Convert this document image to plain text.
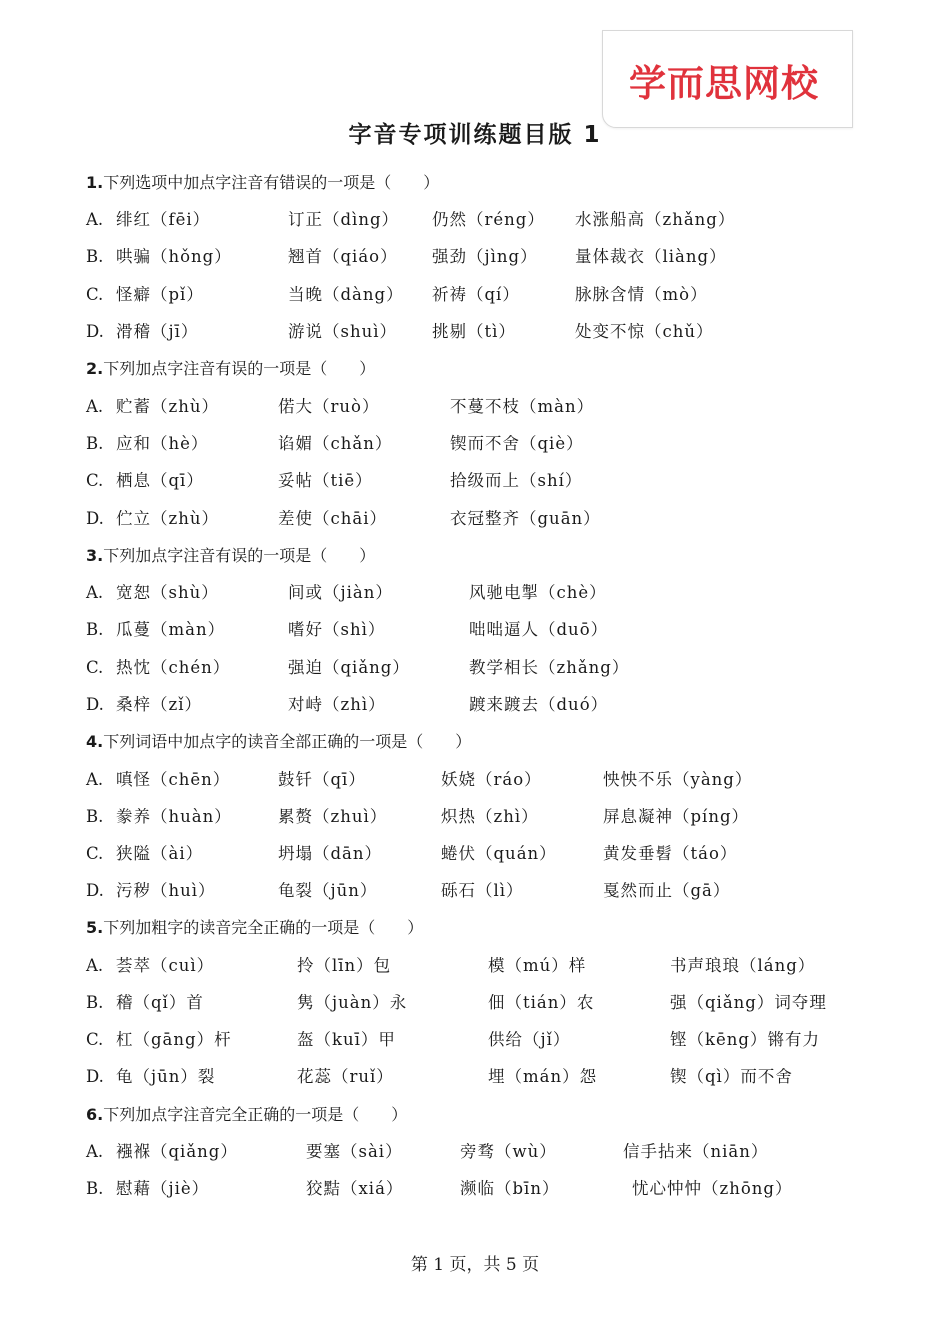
学而思网校
字音专项训练题目版 1
1.下列选项中加点字注音有错误的一项是（　　）
A. 绯红（fēi）	订正（dìng） 仍然（réng） 水涨船高（zhǎng）
B. 哄骗（hǒng）	翘首（qiáo） 强劲（jìng） 量体裁衣（liàng）
C. 怪癖（pǐ）	当晚（dàng） 祈祷（qí）	脉脉含情（mò）
D. 滑稽（jī）	游说（shuì） 挑剔（tì）	处变不惊（chǔ）
2.下列加点字注音有误的一项是（　　）
A. 贮蓄（zhù）	偌大（ruò）	不蔓不枝（màn）
B. 应和（hè）	谄媚（chǎn）	锲而不舍（qiè）
C. 栖息（qī）	妥帖（tiē）	拾级而上（shí）
D. 伫立（zhù）	差使（chāi）	衣冠整齐（guān）
3.下列加点字注音有误的一项是（　　）
A. 宽恕（shù）	间或（jiàn）	风驰电掣（chè）
B. 瓜蔓（màn）	嗜好（shì）	咄咄逼人（duō）
C. 热忱（chén）	强迫（qiǎng）	教学相长（zhǎng）
D. 桑梓（zǐ）	对峙（zhì）	踱来踱去（duó）
4.下列词语中加点字的读音全部正确的一项是（　　）
A. 嗔怪（chēn）	鼓钎（qī）	妖娆（ráo）	怏怏不乐（yàng）
B. 豢养（huàn）	累赘（zhuì）	炽热（zhì）	屏息凝神（píng）
C. 狭隘（ài）	坍塌（dān）	蜷伏（quán）	黄发垂髫（táo）
D. 污秽（huì）	龟裂（jūn）	砾石（lì）	戛然而止（gā）
5.下列加粗字的读音完全正确的一项是（　　）
A. 荟萃（cuì）	拎（līn）包	模（mú）样	书声琅琅（láng）
B. 稽（qǐ）首	隽（juàn）永	佃（tián）农	强（qiǎng）词夺理
C. 杠（gāng）杆	盔（kuī）甲	供给（jǐ）	铿（kēng）锵有力
D. 龟（jūn）裂	花蕊（ruǐ）	埋（mán）怨	锲（qì）而不舍
6.下列加点字注音完全正确的一项是（　　）
A. 襁褓（qiǎng）	要塞（sài）	旁骛（wù）	信手拈来（niān）
B. 慰藉（jiè）	狡黠（xiá）	濒临（bīn）	忧心忡忡（zhōng）
第 1 页，共 5 页
